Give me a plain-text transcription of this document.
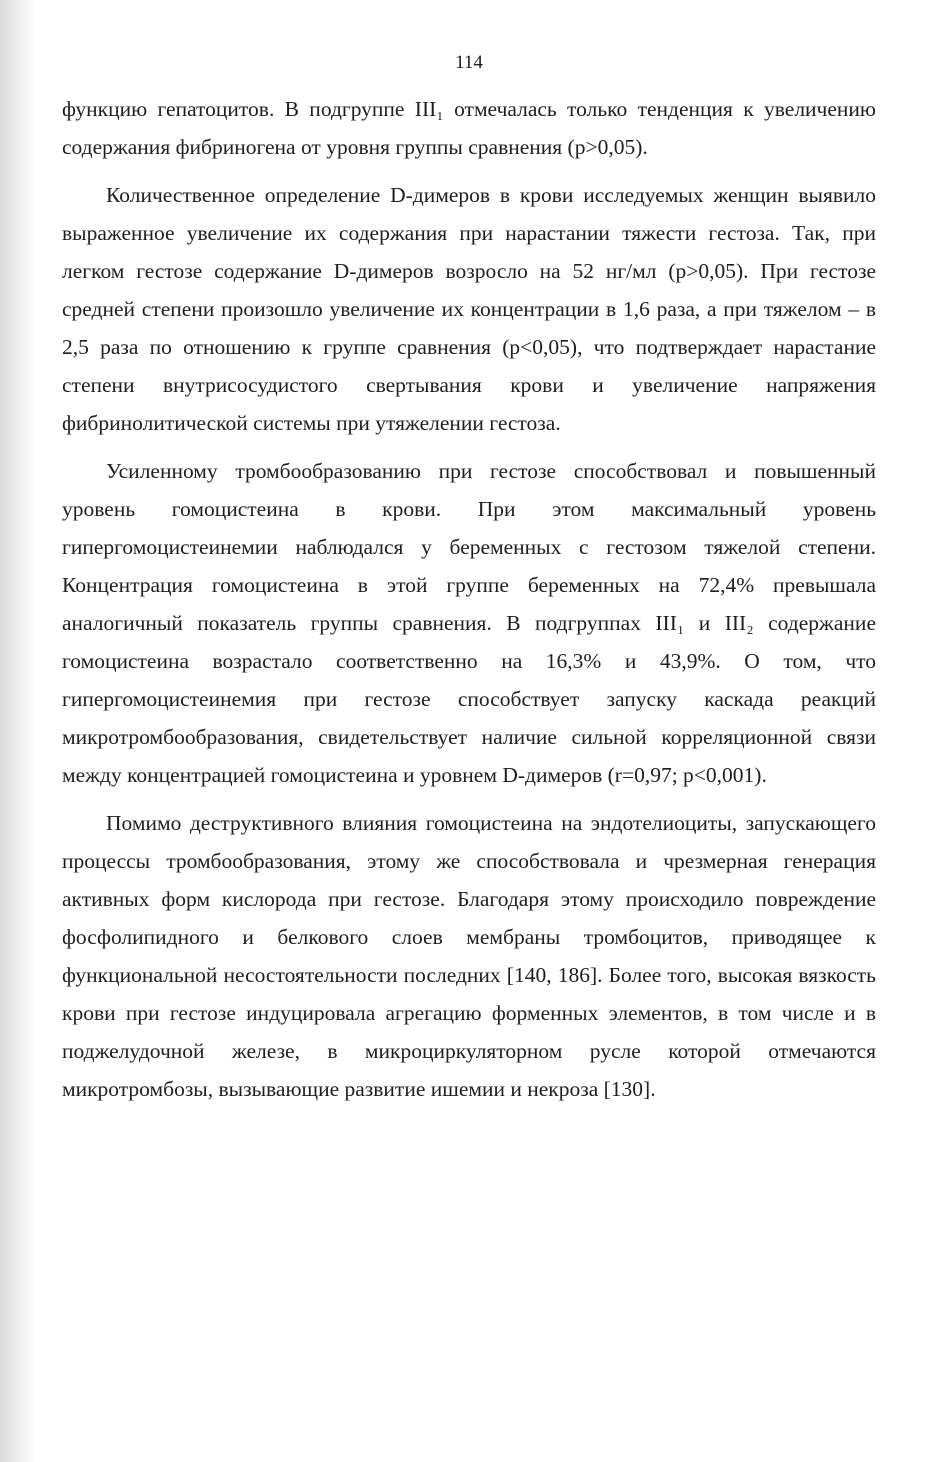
114

функцию гепатоцитов. В подгруппе III₁ отмечалась только тенденция к увеличению содержания фибриногена от уровня группы сравнения (p>0,05).

Количественное определение D-димеров в крови исследуемых женщин выявило выраженное увеличение их содержания при нарастании тяжести гестоза. Так, при легком гестозе содержание D-димеров возросло на 52 нг/мл (p>0,05). При гестозе средней степени произошло увеличение их концентрации в 1,6 раза, а при тяжелом – в 2,5 раза по отношению к группе сравнения (p<0,05), что подтверждает нарастание степени внутрисосудистого свертывания крови и увеличение напряжения фибринолитической системы при утяжелении гестоза.

Усиленному тромбообразованию при гестозе способствовал и повышенный уровень гомоцистеина в крови. При этом максимальный уровень гипергомоцистеинемии наблюдался у беременных с гестозом тяжелой степени. Концентрация гомоцистеина в этой группе беременных на 72,4% превышала аналогичный показатель группы сравнения. В подгруппах III₁ и III₂ содержание гомоцистеина возрастало соответственно на 16,3% и 43,9%. О том, что гипергомоцистеинемия при гестозе способствует запуску каскада реакций микротромбообразования, свидетельствует наличие сильной корреляционной связи между концентрацией гомоцистеина и уровнем D-димеров (r=0,97; p<0,001).

Помимо деструктивного влияния гомоцистеина на эндотелиоциты, запускающего процессы тромбообразования, этому же способствовала и чрезмерная генерация активных форм кислорода при гестозе. Благодаря этому происходило повреждение фосфолипидного и белкового слоев мембраны тромбоцитов, приводящее к функциональной несостоятельности последних [140, 186]. Более того, высокая вязкость крови при гестозе индуцировала агрегацию форменных элементов, в том числе и в поджелудочной железе, в микроциркуляторном русле которой отмечаются микротромбозы, вызывающие развитие ишемии и некроза [130].
